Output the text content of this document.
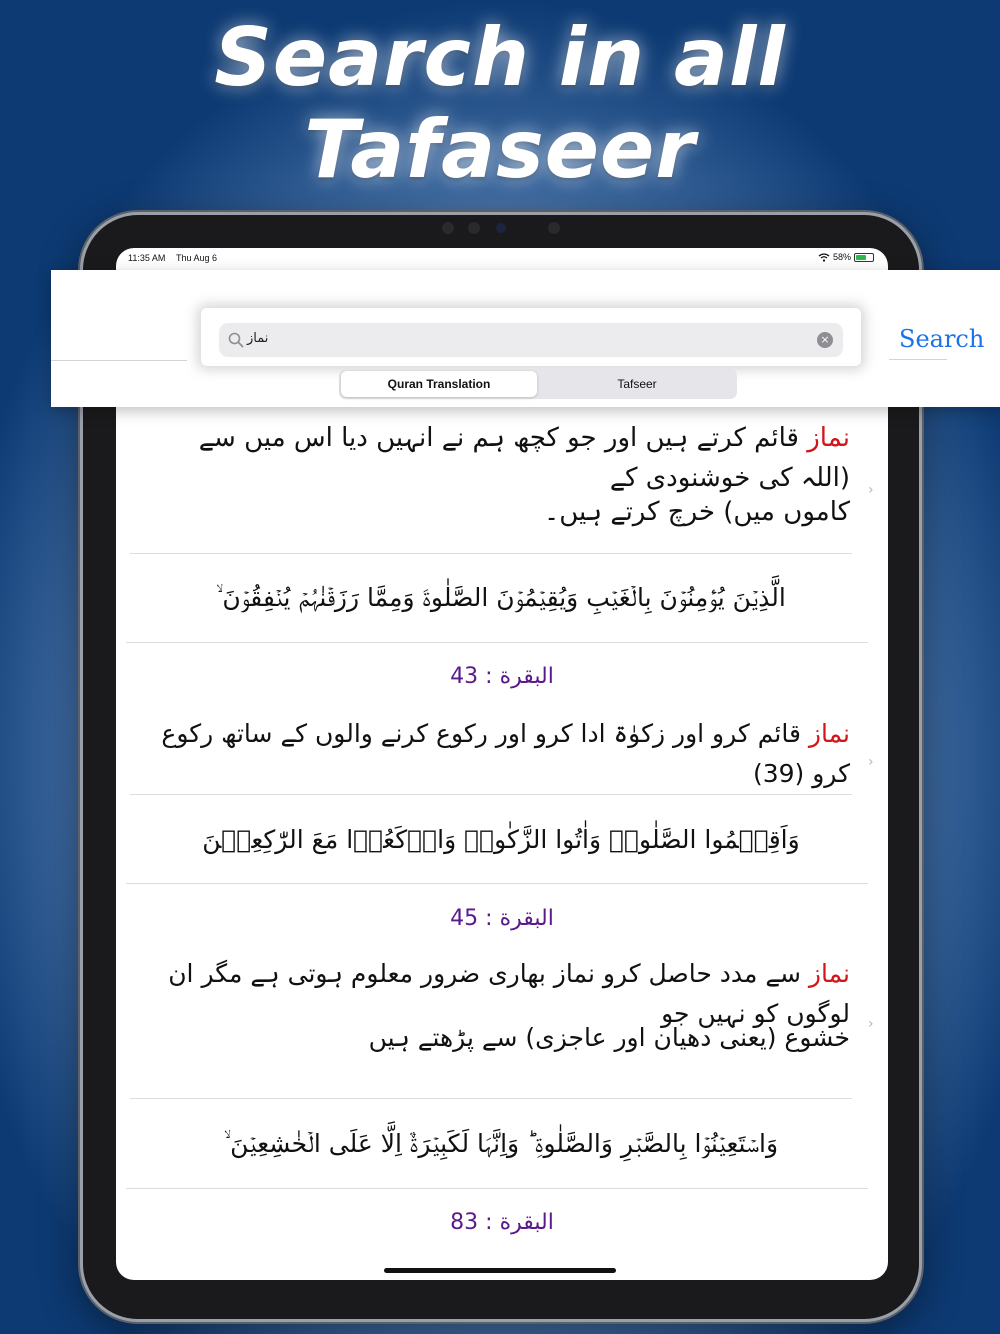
Search in all
Tafaseer
11:35 AM Thu Aug 6	58%
نماز قائم کرتے ہیں اور جو کچھ ہم نے انہیں دیا اس میں سے (اللہ کی خوشنودی کے
کاموں میں) خرچ کرتے ہیں۔
›
الَّذِیۡنَ یُؤۡمِنُوۡنَ بِالۡغَیۡبِ وَیُقِیۡمُوۡنَ الصَّلٰوۃَ وَمِمَّا رَزَقۡنٰہُمۡ یُنۡفِقُوۡنَ ۙ
البقرة : 43
نماز قائم کرو اور زکوٰۃ ادا کرو اور رکوع کرنے والوں کے ساتھ رکوع کرو (39) ›
وَاَقِیۡمُوا الصَّلٰوۃَ وَاٰتُوا الزَّکٰوۃَ وَارۡکَعُوۡا مَعَ الرّٰکِعِیۡنَ
البقرة : 45
نماز سے مدد حاصل کرو نماز بھاری ضرور معلوم ہوتی ہے مگر ان لوگوں کو نہیں جو
خشوع (یعنی دھیان اور عاجزی) سے پڑھتے ہیں ›
وَاسۡتَعِیۡنُوۡا بِالصَّبۡرِ وَالصَّلٰوۃِ ؕ وَاِنَّہَا لَکَبِیۡرَۃٌ اِلَّا عَلَی الۡخٰشِعِیۡنَ ۙ
البقرة : 83
نماز	×	Search
Quran Translation	Tafseer
